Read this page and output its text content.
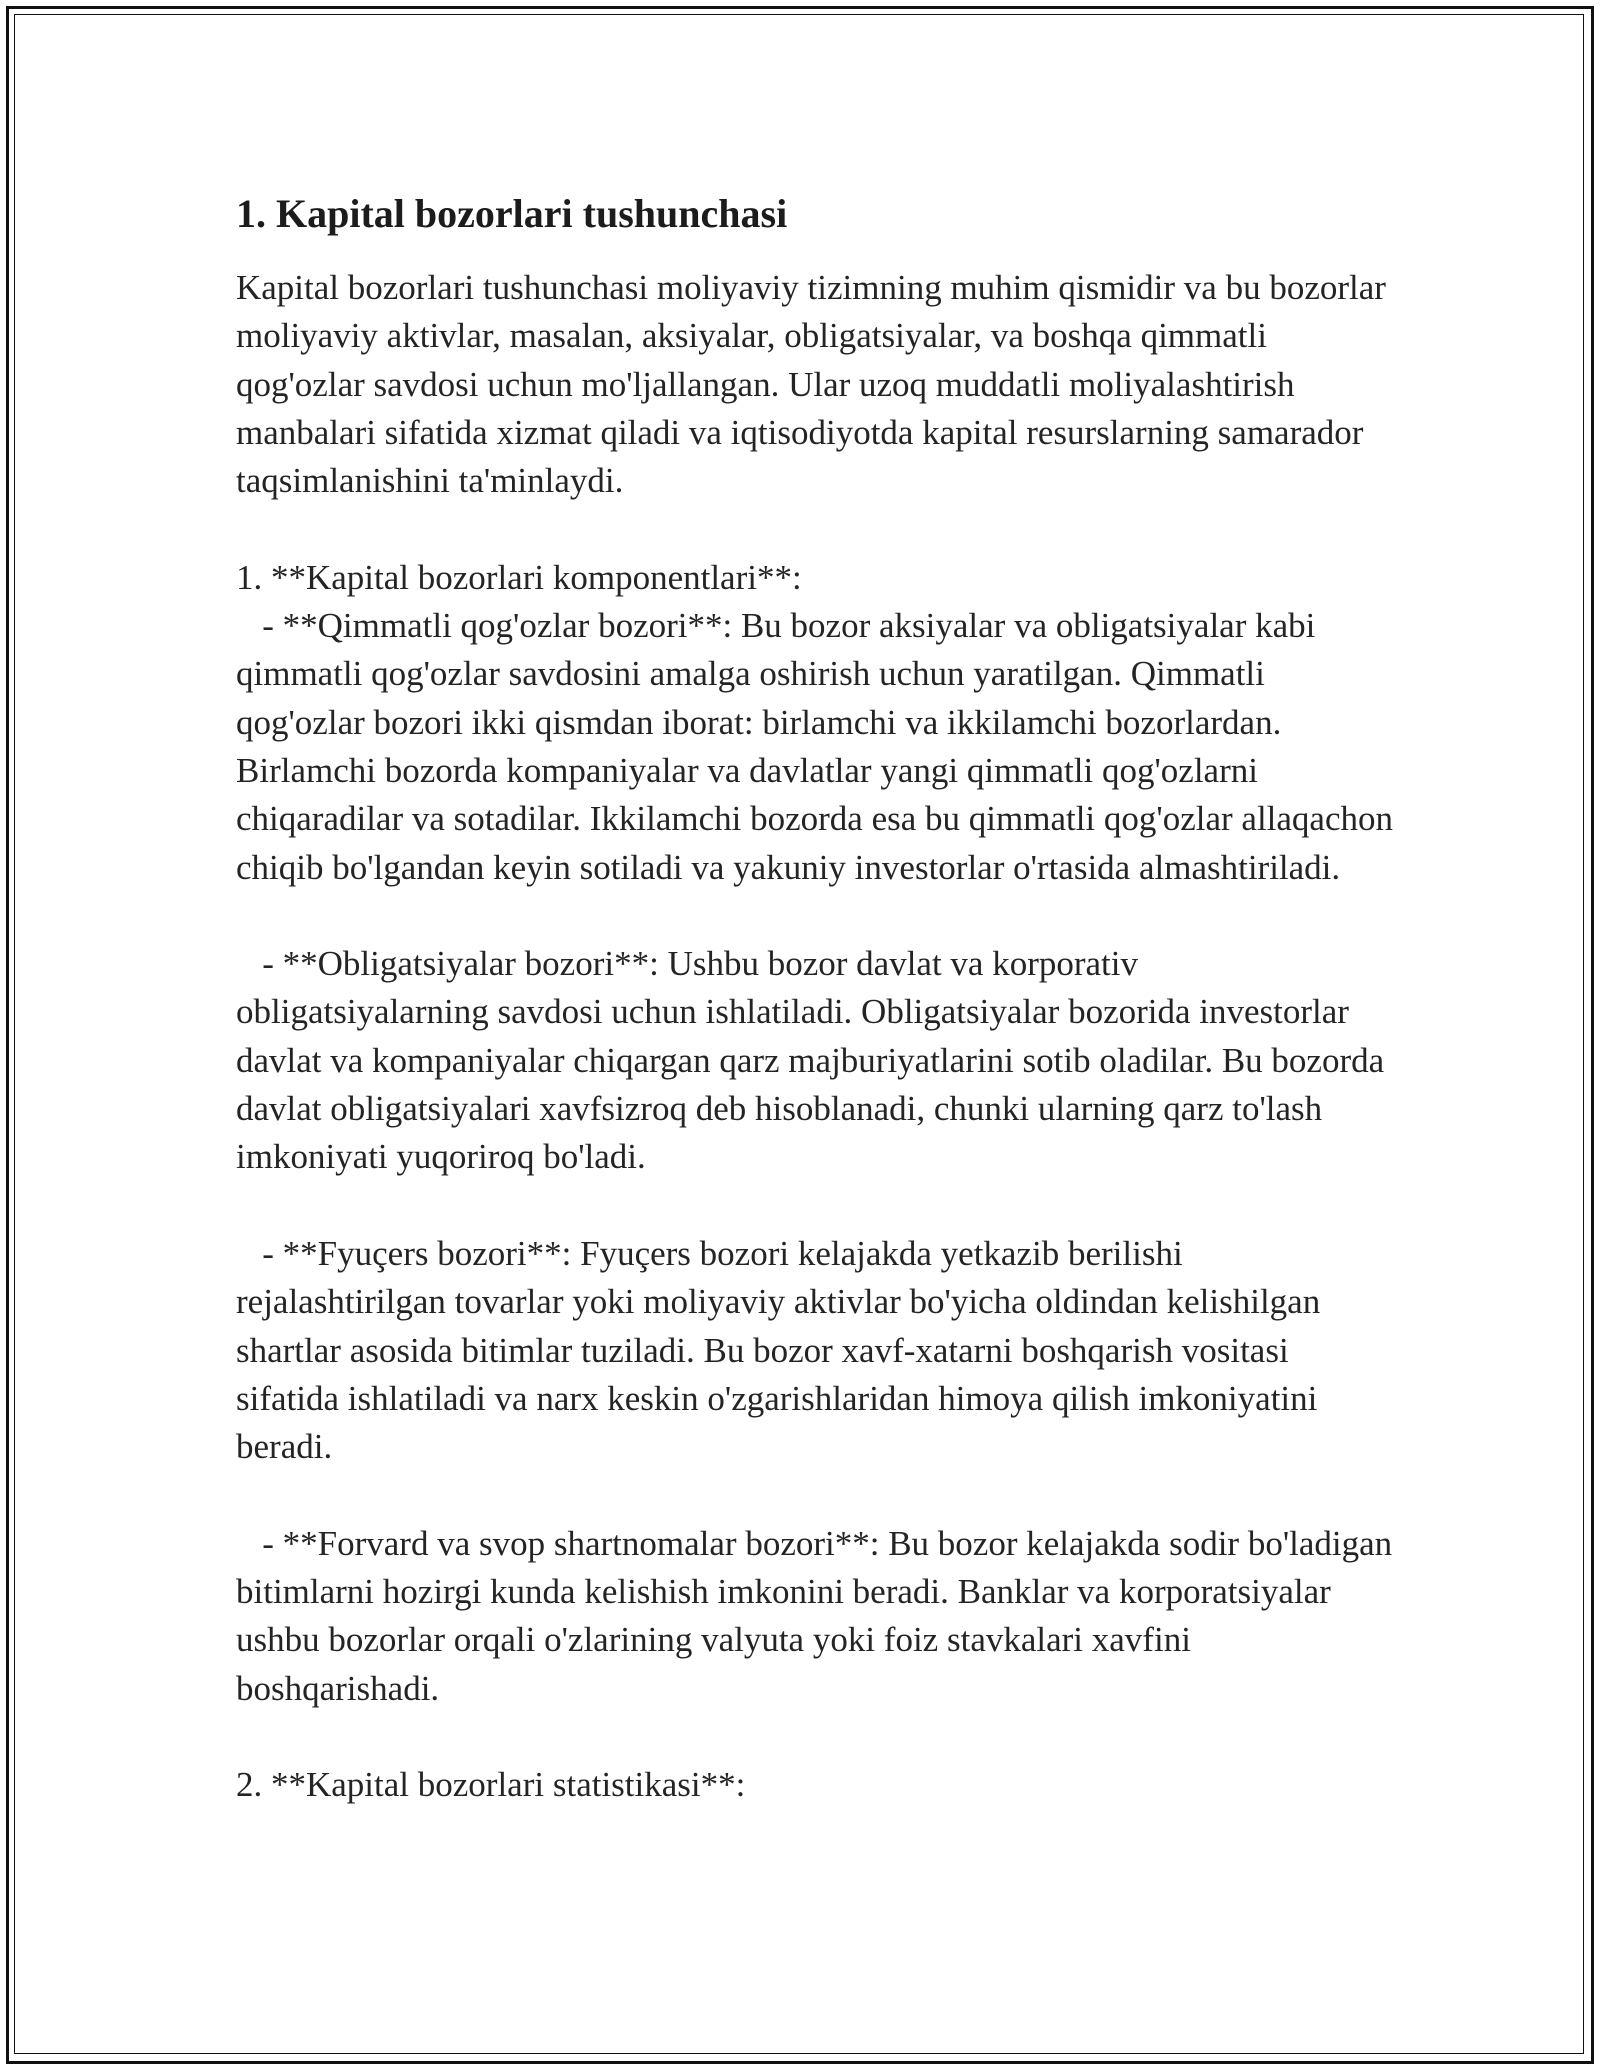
1. Kapital bozorlari tushunchasi

Kapital bozorlari tushunchasi moliyaviy tizimning muhim qismidir va bu bozorlar moliyaviy aktivlar, masalan, aksiyalar, obligatsiyalar, va boshqa qimmatli qog'ozlar savdosi uchun mo'ljallangan. Ular uzoq muddatli moliyalashtirish manbalari sifatida xizmat qiladi va iqtisodiyotda kapital resurslarning samarador taqsimlanishini ta'minlaydi.

1. **Kapital bozorlari komponentlari**:

- **Qimmatli qog'ozlar bozori**: Bu bozor aksiyalar va obligatsiyalar kabi qimmatli qog'ozlar savdosini amalga oshirish uchun yaratilgan. Qimmatli qog'ozlar bozori ikki qismdan iborat: birlamchi va ikkilamchi bozorlardan. Birlamchi bozorda kompaniyalar va davlatlar yangi qimmatli qog'ozlarni chiqaradilar va sotadilar. Ikkilamchi bozorda esa bu qimmatli qog'ozlar allaqachon chiqib bo'lgandan keyin sotiladi va yakuniy investorlar o'rtasida almashtiriladi.

- **Obligatsiyalar bozori**: Ushbu bozor davlat va korporativ obligatsiyalarning savdosi uchun ishlatiladi. Obligatsiyalar bozorida investorlar davlat va kompaniyalar chiqargan qarz majburiyatlarini sotib oladilar. Bu bozorda davlat obligatsiyalari xavfsizroq deb hisoblanadi, chunki ularning qarz to'lash imkoniyati yuqoriroq bo'ladi.

- **Fyuçers bozori**: Fyuçers bozori kelajakda yetkazib berilishi rejalashtirilgan tovarlar yoki moliyaviy aktivlar bo'yicha oldindan kelishilgan shartlar asosida bitimlar tuziladi. Bu bozor xavf-xatarni boshqarish vositasi sifatida ishlatiladi va narx keskin o'zgarishlaridan himoya qilish imkoniyatini beradi.

- **Forvard va svop shartnomalar bozori**: Bu bozor kelajakda sodir bo'ladigan bitimlarni hozirgi kunda kelishish imkonini beradi. Banklar va korporatsiyalar ushbu bozorlar orqali o'zlarining valyuta yoki foiz stavkalari xavfini boshqarishadi.

2. **Kapital bozorlari statistikasi**:
